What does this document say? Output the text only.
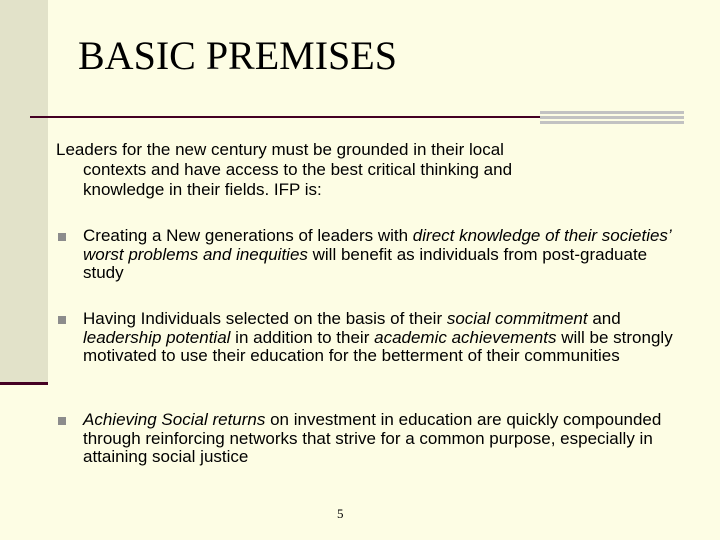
BASIC PREMISES
Leaders for the new century must be grounded in their local
contexts and have access to the best critical thinking and
knowledge in their fields. IFP is:
Creating a New generations of leaders with direct knowledge of their societies’ worst problems and inequities will benefit as individuals from post-graduate study
Having Individuals selected on the basis of their social commitment and leadership potential in addition to their academic achievements will be strongly motivated to use their education for the betterment of their communities
Achieving Social returns on investment in education are quickly compounded through reinforcing networks that strive for a common purpose, especially in attaining social justice
5
